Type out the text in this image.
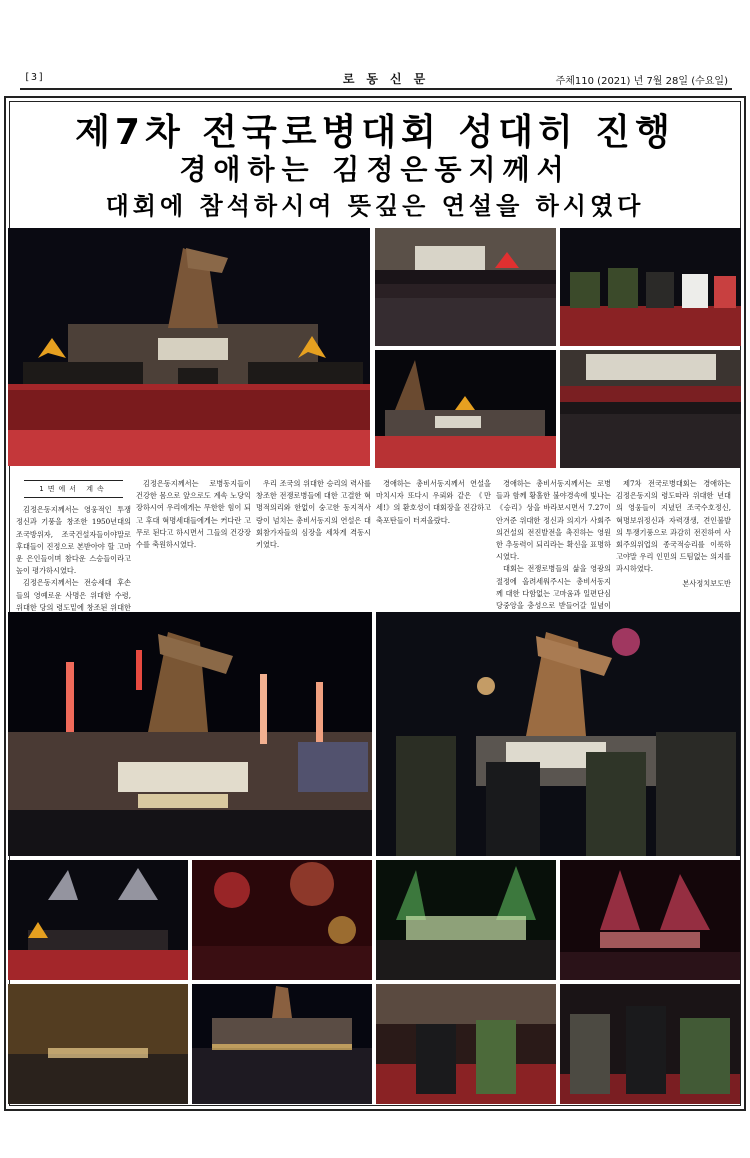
[3]	로동신문	주체110 (2021) 년 7월 28일 (수요일)
제7차 전국로병대회 성대히 진행
경애하는 김정은동지께서
대회에 참석하시여 뜻깊은 연설을 하시였다

1면에서 계속

김정은동지께서는 영웅적인 투쟁정신과 기풍을 창조한 1950년대의 조국방위자, 조국건설자들이야말로 후대들이 진정으로 본받아야 할 고마운 은인들이며 참다운 스승들이라고 높이 평가하시였다.

김정은동지께서는 전승세대 후손들의 영예로운 사명은 위대한 수령, 위대한 당의 령도밑에 창조된 위대한

김정은동지께서는 로병동지들이 건강한 몸으로 앞으로도 계속 노당익장하시여 우리에게는 무한한 힘이 되고 후대 혁명세대들에게는 커다란 고무로 된다고 하시면서 그들의 건강장수를 축원하시였다.

우리 조국의 위대한 승리의 력사를 창조한 전쟁로병들에 대한 고결한 혁명적의리와 한없이 숭고한 동지적사랑이 넘치는 총비서동지의 연설은 대회참가자들의 심장을 세차게 격동시키였다.

경애하는 총비서동지께서 연설을 마치시자 또다시 우뢰와 같은 《만세!》의 환호성이 대회장을 진감하고 축포탄들이 터져올랐다.

경애하는 총비서동지께서는 로병들과 함께 황홀한 불야경속에 빛나는 《승리》상을 바라보시면서 7.27이 안겨준 위대한 정신과 의지가 사회주의건설의 전진발전을 촉진하는 영원한 추동력이 되리라는 확신을 표명하시였다.

대회는 전쟁로병들의 삶을 영광의 절정에 올려세워주시는 총비서동지께 대한 다함없는 고마움과 일편단심 당중앙을 충성으로 받들어갈 일념이

제7차 전국로병대회는 경애하는 김정은동지의 령도따라 위대한 년대의 영웅들이 지녔던 조국수호정신, 혁명보위정신과 자력갱생, 견인불발의 투쟁기풍으로 과감히 전진하여 사회주의위업의 종국적승리를 이룩하고야말 우리 인민의 드팀없는 의지를 과시하였다.

본사정치보도반
